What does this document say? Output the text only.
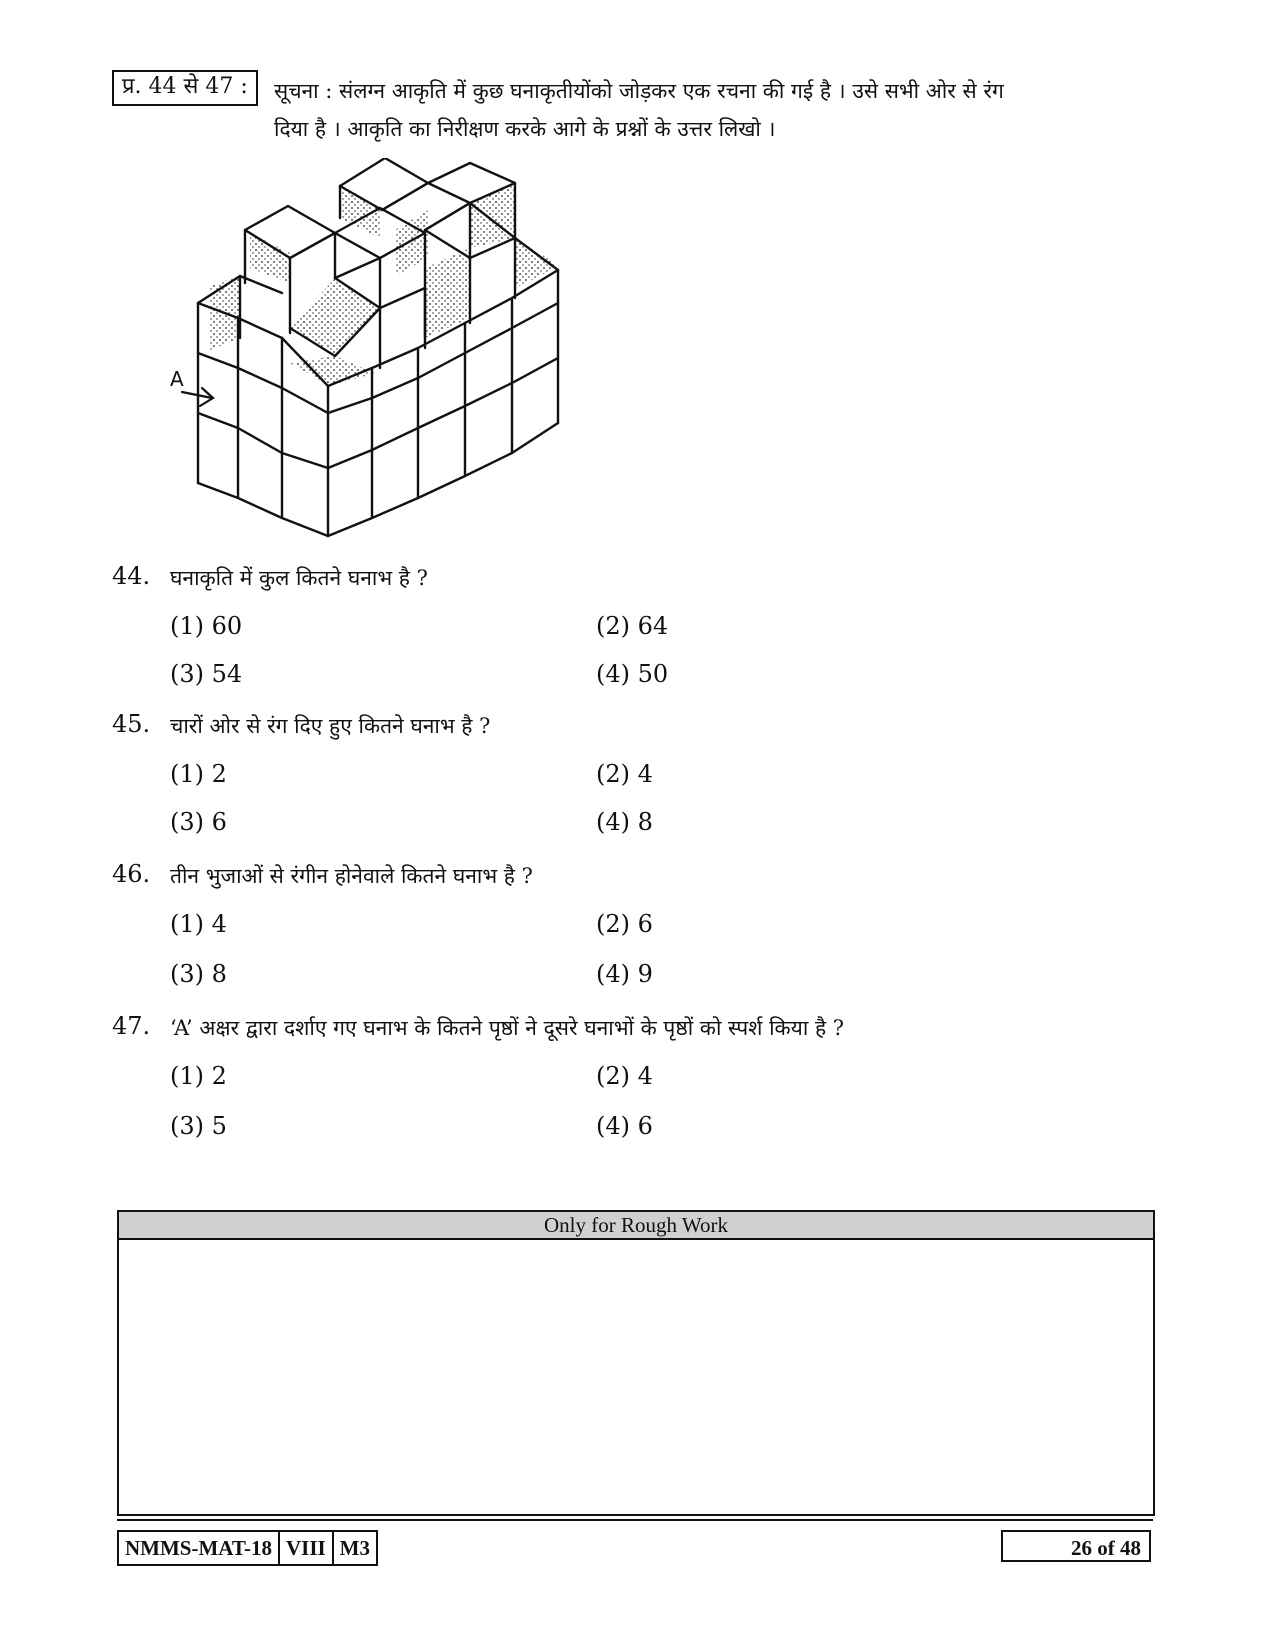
प्र. 44 से 47 :	सूचना : संलग्न आकृति में कुछ घनाकृतीयोंको जोड़कर एक रचना की गई है । उसे सभी ओर से रंग
दिया है । आकृति का निरीक्षण करके आगे के प्रश्नों के उत्तर लिखो ।
A
44. घनाकृति में कुल कितने घनाभ है ?
(1) 60	(2) 64
(3) 54	(4) 50
45. चारों ओर से रंग दिए हुए कितने घनाभ है ?
(1) 2	(2) 4
(3) 6	(4) 8
46. तीन भुजाओं से रंगीन होनेवाले कितने घनाभ है ?
(1) 4	(2) 6
(3) 8	(4) 9
47. ‘A’ अक्षर द्वारा दर्शाए गए घनाभ के कितने पृष्ठों ने दूसरे घनाभों के पृष्ठों को स्पर्श किया है ?
(1) 2	(2) 4
(3) 5	(4) 6
Only for Rough Work
NMMS-MAT-18 VIII M3	26 of 48
